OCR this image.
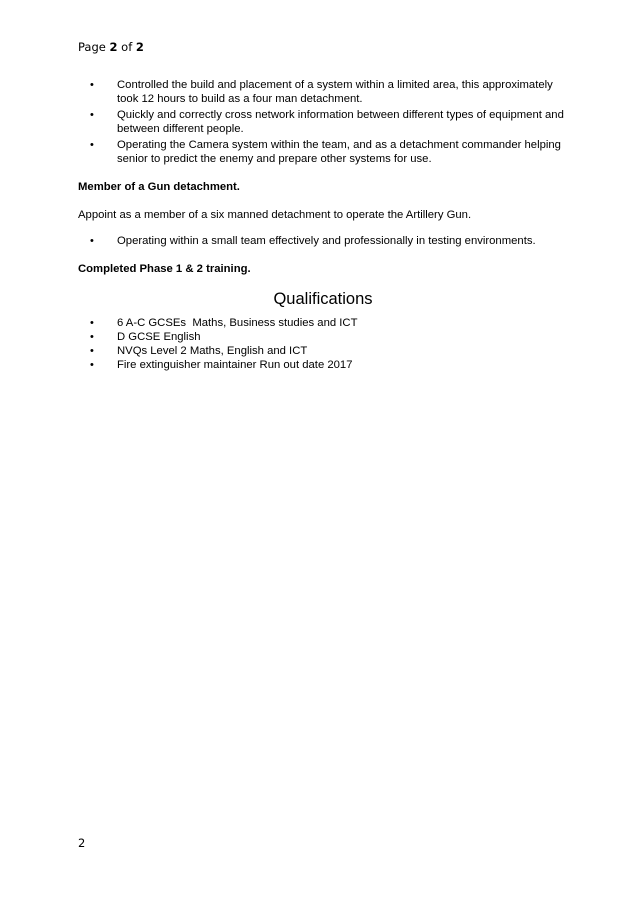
Page 2 of 2
• Controlled the build and placement of a system within a limited area, this approximately took 12 hours to build as a four man detachment.
• Quickly and correctly cross network information between different types of equipment and between different people.
• Operating the Camera system within the team, and as a detachment commander helping senior to predict the enemy and prepare other systems for use.
Member of a Gun detachment.
Appoint as a member of a six manned detachment to operate the Artillery Gun.
• Operating within a small team effectively and professionally in testing environments.
Completed Phase 1 & 2 training.
Qualifications
• 6 A-C GCSEs  Maths, Business studies and ICT
• D GCSE English
• NVQs Level 2 Maths, English and ICT
• Fire extinguisher maintainer Run out date 2017
2
